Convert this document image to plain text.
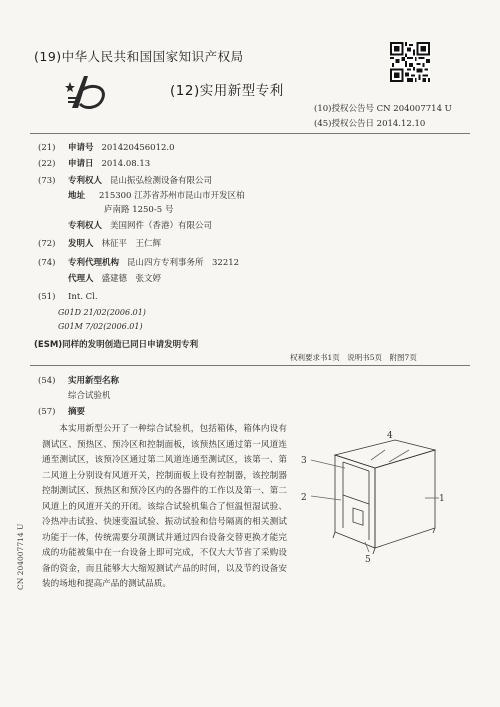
(19)中华人民共和国国家知识产权局
(12)实用新型专利
(10)授权公告号 CN 204007714 U
(45)授权公告日 2014.12.10
(21) 申请号 201420456012.0
(22) 申请日 2014.08.13
(73) 专利权人 昆山振弘检测设备有限公司
地址 215300 江苏省苏州市昆山市开发区柏
庐南路 1250-5 号
专利权人 美国网件（香港）有限公司
(72) 发明人 林征平　王仁辉
(74) 专利代理机构 昆山四方专利事务所　32212
代理人 盛建德　张文婷
(51) Int. Cl.
G01D 21/02(2006.01)
G01M 7/02(2006.01)
(ESM)同样的发明创造已同日申请发明专利
权利要求书1页　说明书5页　附图7页
(54) 实用新型名称
综合试验机
(57) 摘要
本实用新型公开了一种综合试验机，包括箱体，箱体内设有测试区、预热区、预冷区和控制面板，该预热区通过第一风道连通至测试区，该预冷区通过第二风道连通至测试区，该第一、第二风道上分别设有风道开关，控制面板上设有控制器，该控制器控制测试区、预热区和预冷区内的各器件的工作以及第一、第二风道上的风道开关的开闭。该综合试验机集合了恒温恒湿试验、冷热冲击试验、快速变温试验、振动试验和信号隔离的相关测试功能于一体，传统需要分项测试并通过四台设备交替更换才能完成的功能被集中在一台设备上即可完成，不仅大大节省了采购设备的资金，而且能够大大缩短测试产品的时间，以及节约设备安装的场地和提高产品的测试品质。
4
3
2	1
5
CN 204007714 U
